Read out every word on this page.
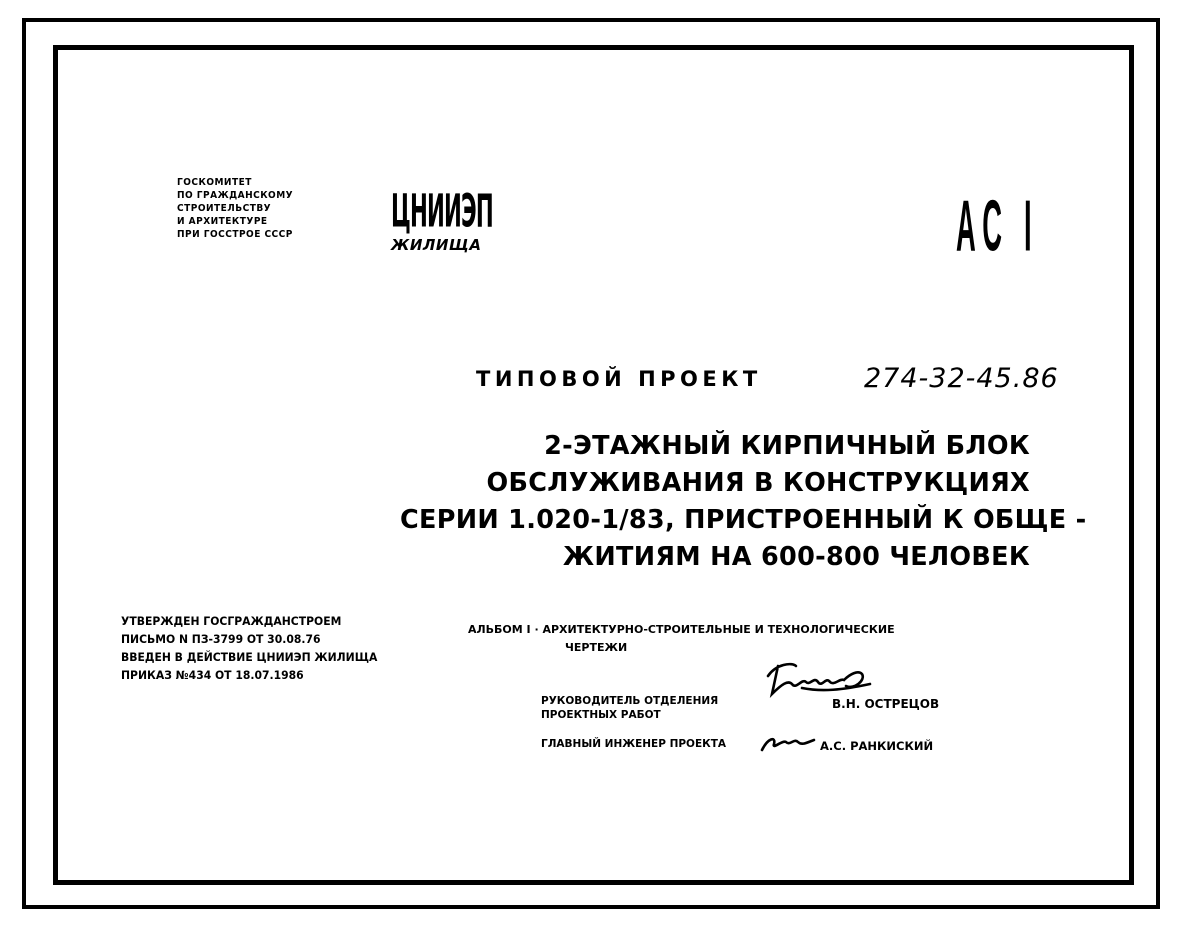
ГОСКОМИТЕТ
ПО ГРАЖДАНСКОМУ
СТРОИТЕЛЬСТВУ
И АРХИТЕКТУРЕ
ПРИ ГОССТРОЕ СССР	ЦНИИЭП
ЖИЛИЩА	АС I
ТИПОВОЙ ПРОЕКТ	274-32-45.86
2-ЭТАЖНЫЙ КИРПИЧНЫЙ БЛОК
ОБСЛУЖИВАНИЯ В КОНСТРУКЦИЯХ
СЕРИИ 1.020-1/83, ПРИСТРОЕННЫЙ К ОБЩЕ -
ЖИТИЯМ НА 600-800 ЧЕЛОВЕК
УТВЕРЖДЕН ГОСГРАЖДАНСТРОЕМ
ПИСЬМО N ПЗ-3799 ОТ 30.08.76
ВВЕДЕН В ДЕЙСТВИЕ ЦНИИЭП ЖИЛИЩА
ПРИКАЗ №434 ОТ 18.07.1986
АЛЬБОМ I · АРХИТЕКТУРНО-СТРОИТЕЛЬНЫЕ И ТЕХНОЛОГИЧЕСКИЕ
ЧЕРТЕЖИ
РУКОВОДИТЕЛЬ ОТДЕЛЕНИЯ
ПРОЕКТНЫХ РАБОТ
В.Н. ОСТРЕЦОВ
ГЛАВНЫЙ ИНЖЕНЕР ПРОЕКТА	А.С. РАНКИСКИЙ
